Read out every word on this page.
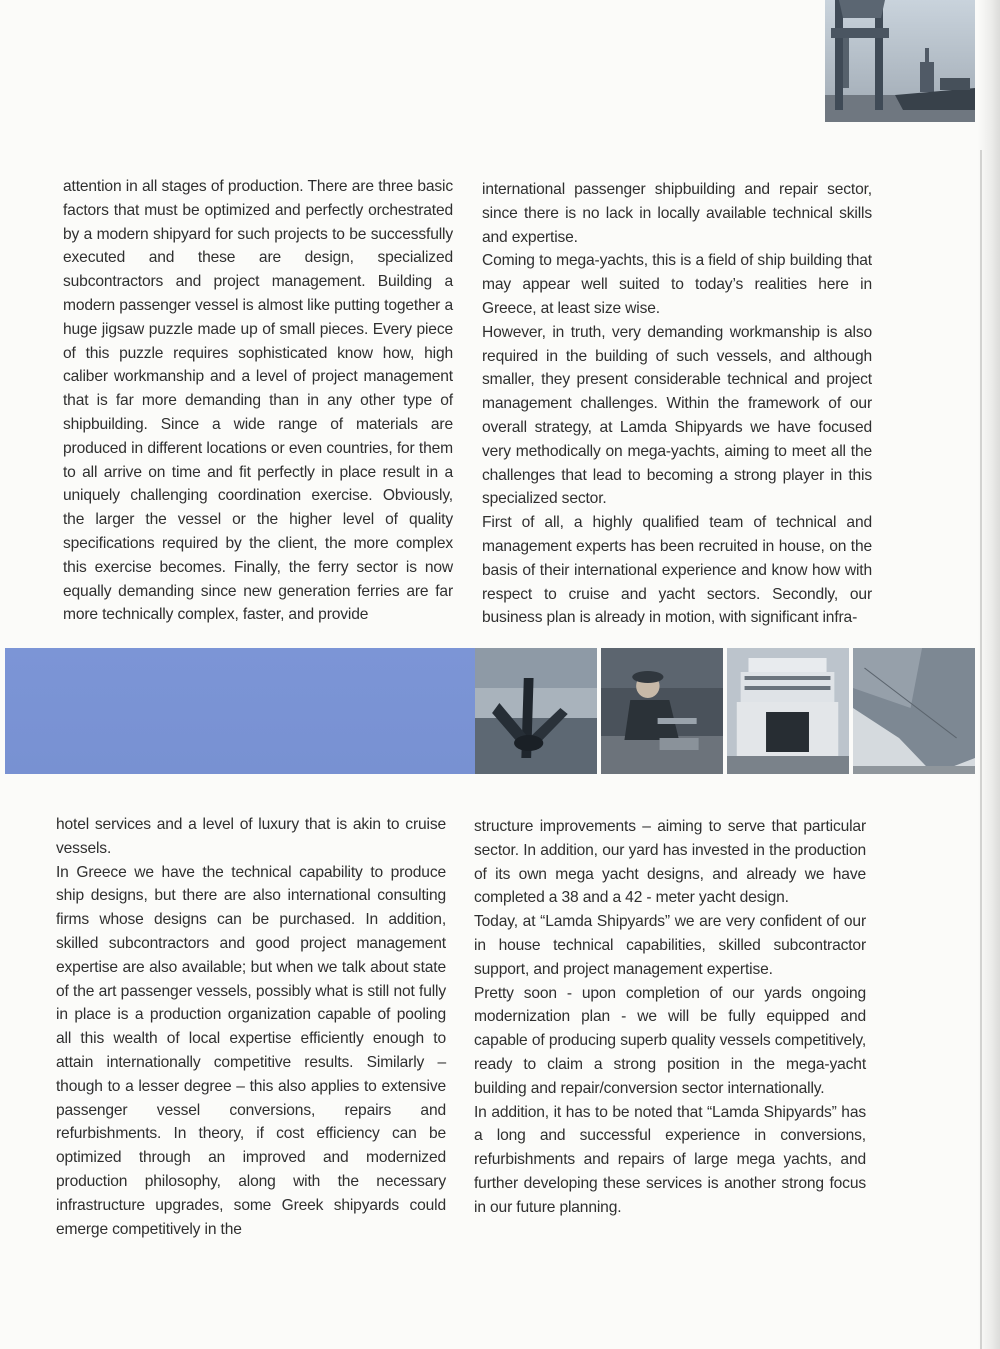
attention in all stages of production. There are three basic factors that must be optimized and perfectly orchestrated by a modern shipyard for such projects to be successfully executed and these are design, specialized subcontractors and project management. Building a modern passenger vessel is almost like putting together a huge jigsaw puzzle made up of small pieces. Every piece of this puzzle requires sophisticated know how, high caliber workmanship and a level of project management that is far more demanding than in any other type of shipbuilding. Since a wide range of materials are produced in different locations or even countries, for them to all arrive on time and fit perfectly in place result in a uniquely challenging coordination exercise. Obviously, the larger the vessel or the higher level of quality specifications required by the client, the more complex this exercise becomes. Finally, the ferry sector is now equally demanding since new generation ferries are far more technically complex, faster, and provide

international passenger shipbuilding and repair sector, since there is no lack in locally available technical skills and expertise.

Coming to mega-yachts, this is a field of ship building that may appear well suited to today’s realities here in Greece, at least size wise.

However, in truth, very demanding workmanship is also required in the building of such vessels, and although smaller, they present considerable technical and project management challenges. Within the framework of our overall strategy, at Lamda Shipyards we have focused very methodically on mega-yachts, aiming to meet all the challenges that lead to becoming a strong player in this specialized sector.

First of all, a highly qualified team of technical and management experts has been recruited in house, on the basis of their international experience and know how with respect to cruise and yacht sectors. Secondly, our business plan is already in motion, with significant infra-

hotel services and a level of luxury that is akin to cruise vessels.

In Greece we have the technical capability to produce ship designs, but there are also international consulting firms whose designs can be purchased. In addition, skilled subcontractors and good project management expertise are also available; but when we talk about state of the art passenger vessels, possibly what is still not fully in place is a production organization capable of pooling all this wealth of local expertise efficiently enough to attain internationally competitive results. Similarly – though to a lesser degree – this also applies to extensive passenger vessel conversions, repairs and refurbishments. In theory, if cost efficiency can be optimized through an improved and modernized production philosophy, along with the necessary infrastructure upgrades, some Greek shipyards could emerge competitively in the

structure improvements – aiming to serve that particular sector. In addition, our yard has invested in the production of its own mega yacht designs, and already we have completed a 38 and a 42 - meter yacht design.

Today, at “Lamda Shipyards” we are very confident of our in house technical capabilities, skilled subcontractor support, and project management expertise.

Pretty soon - upon completion of our yards ongoing modernization plan - we will be fully equipped and capable of producing superb quality vessels competitively, ready to claim a strong position in the mega-yacht building and repair/conversion sector internationally.

In addition, it has to be noted that “Lamda Shipyards” has a long and successful experience in conversions, refurbishments and repairs of large mega yachts, and further developing these services is another strong focus in our future planning.
